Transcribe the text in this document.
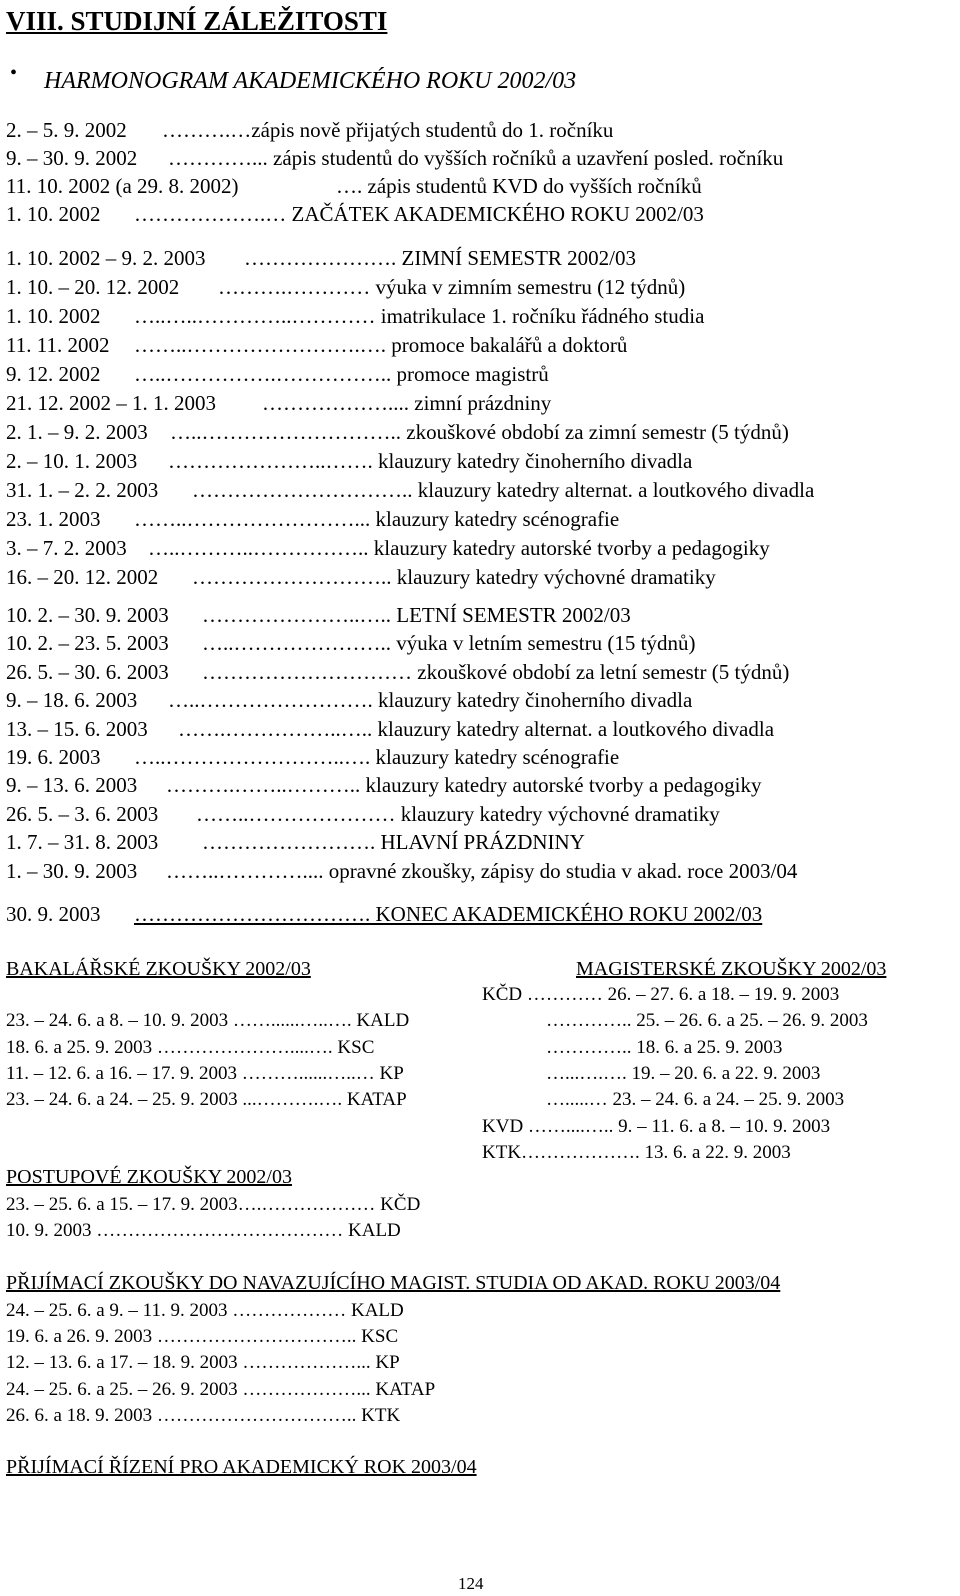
VIII. STUDIJNÍ ZÁLEŽITOSTI
• HARMONOGRAM AKADEMICKÉHO ROKU 2002/03
2. – 5. 9. 2002 ……….…zápis nově přijatých studentů do 1. ročníku
9. – 30. 9. 2002 …………... zápis studentů do vyšších ročníků a uzavření posled. ročníku
11. 10. 2002 (a 29. 8. 2002)	…. zápis studentů KVD do vyšších ročníků
1. 10. 2002 ……………….… ZAČÁTEK AKADEMICKÉHO ROKU 2002/03
1. 10. 2002 – 9. 2. 2003 …………………. ZIMNÍ SEMESTR 2002/03
1. 10. – 20. 12. 2002 ……….………… výuka v zimním semestru (12 týdnů)
1. 10. 2002 …..…..…………..………… imatrikulace 1. ročníku řádného studia
11. 11. 2002 ……..…………………….…. promoce bakalářů a doktorů
9. 12. 2002 …..…………….…………….. promoce magistrů
21. 12. 2002 – 1. 1. 2003 ……………….... zimní prázdniny
2. 1. – 9. 2. 2003 …..……………………….. zkouškové období za zimní semestr (5 týdnů)
2. – 10. 1. 2003 …………………..……. klauzury katedry činoherního divadla
31. 1. – 2. 2. 2003 ………………………….. klauzury katedry alternat. a loutkového divadla
23. 1. 2003 ……..……………………... klauzury katedry scénografie
3. – 7. 2. 2003 …..………..…………….. klauzury katedry autorské tvorby a pedagogiky
16. – 20. 12. 2002 ……………………….. klauzury katedry výchovné dramatiky
10. 2. – 30. 9. 2003 …………………..….. LETNÍ SEMESTR 2002/03
10. 2. – 23. 5. 2003 …..………………….. výuka v letním semestru (15 týdnů)
26. 5. – 30. 6. 2003 ………………………… zkouškové období za letní semestr (5 týdnů)
9. – 18. 6. 2003 …..……………………. klauzury katedry činoherního divadla
13. – 15. 6. 2003 …….……………..….. klauzury katedry alternat. a loutkového divadla
19. 6. 2003 …..……………………..…. klauzury katedry scénografie
9. – 13. 6. 2003 ……….……..……….. klauzury katedry autorské tvorby a pedagogiky
26. 5. – 3. 6. 2003 ……..………………… klauzury katedry výchovné dramatiky
1. 7. – 31. 8. 2003 ……………………. HLAVNÍ PRÁZDNINY
1. – 30. 9. 2003 ……..………….... opravné zkoušky, zápisy do studia v akad. roce 2003/04
30. 9. 2003 ……………………………. KONEC AKADEMICKÉHO ROKU 2002/03
BAKALÁŘSKÉ ZKOUŠKY 2002/03	MAGISTERSKÉ ZKOUŠKY 2002/03
KČD ………… 26. – 27. 6. a 18. – 19. 9. 2003
23. – 24. 6. a 8. – 10. 9. 2003 ……......…..…. KALD	………….. 25. – 26. 6. a 25. – 26. 9. 2003
18. 6. a 25. 9. 2003 …………………....…. KSC	………….. 18. 6. a 25. 9. 2003
11. – 12. 6. a 16. – 17. 9. 2003 ………......…..… KP	…...….…. 19. – 20. 6. a 22. 9. 2003
23. – 24. 6. a 24. – 25. 9. 2003 ...……….…. KATAP	….....… 23. – 24. 6. a 24. – 25. 9. 2003
KVD ……....….. 9. – 11. 6. a 8. – 10. 9. 2003
KTK………………. 13. 6. a 22. 9. 2003
POSTUPOVÉ ZKOUŠKY 2002/03
23. – 25. 6. a 15. – 17. 9. 2003….……………… KČD
10. 9. 2003 ………………………………… KALD
PŘIJÍMACÍ ZKOUŠKY DO NAVAZUJÍCÍHO MAGIST. STUDIA OD AKAD. ROKU 2003/04
24. – 25. 6. a 9. – 11. 9. 2003 ……………… KALD
19. 6. a 26. 9. 2003 ………………………….. KSC
12. – 13. 6. a 17. – 18. 9. 2003 ………………... KP
24. – 25. 6. a 25. – 26. 9. 2003 ………………... KATAP
26. 6. a 18. 9. 2003 ………………………….. KTK
PŘIJÍMACÍ ŘÍZENÍ PRO AKADEMICKÝ ROK 2003/04
124
